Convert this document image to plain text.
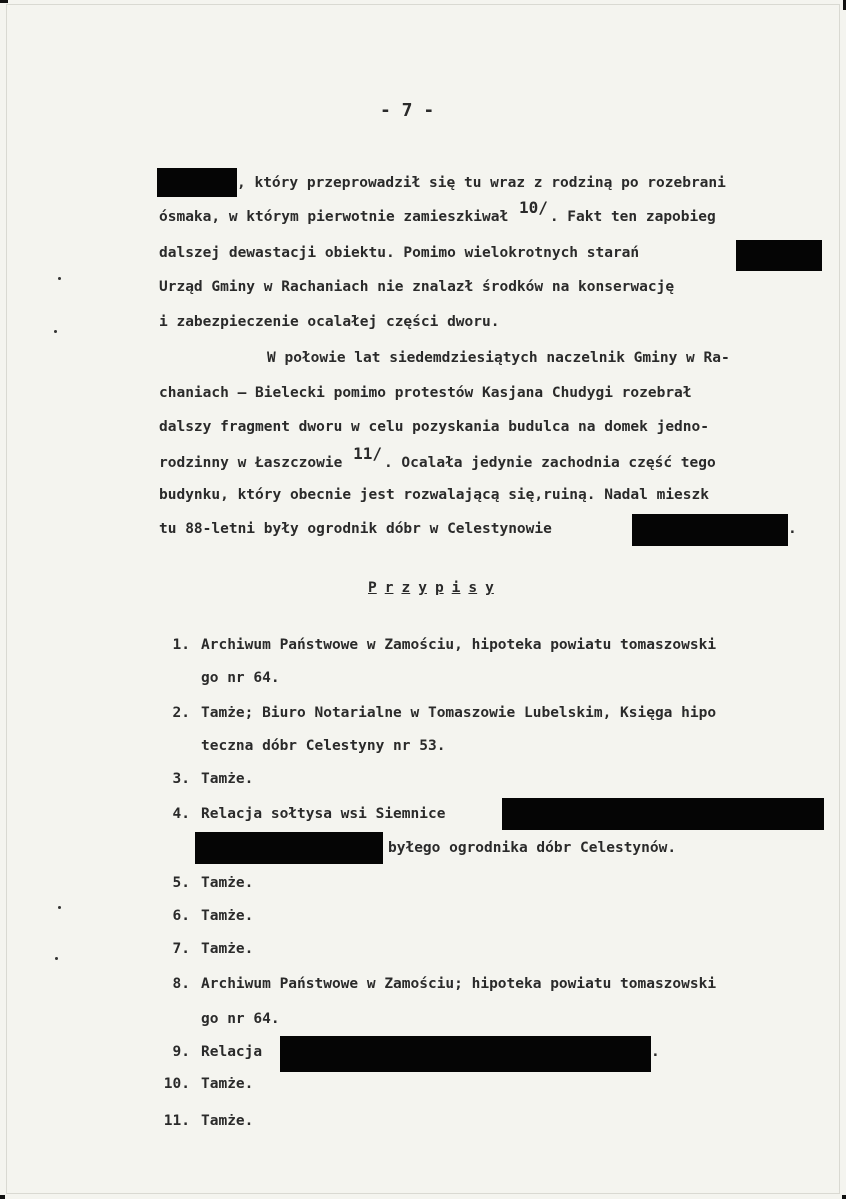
- 7 -
, który przeprowadził się tu wraz z rodziną po rozebrani
ósmaka, w którym pierwotnie zamieszkiwał 10/ . Fakt ten zapobieg
dalszej dewastacji obiektu. Pomimo wielokrotnych starań
Urząd Gminy w Rachaniach nie znalazł środków na konserwację
i zabezpieczenie ocalałej części dworu.
W połowie lat siedemdziesiątych naczelnik Gminy w Ra-
chaniach – Bielecki pomimo protestów Kasjana Chudygi rozebrał
dalszy fragment dworu w celu pozyskania budulca na domek jedno-
rodzinny w Łaszczowie 11/ . Ocalała jedynie zachodnia część tego
budynku, który obecnie jest rozwalającą się,ruiną. Nadal mieszk
tu 88-letni były ogrodnik dóbr w Celestynowie	.
P r z y p i s y
1. Archiwum Państwowe w Zamościu, hipoteka powiatu tomaszowski
go nr 64.
2. Tamże; Biuro Notarialne w Tomaszowie Lubelskim, Księga hipo
teczna dóbr Celestyny nr 53.
3. Tamże.
4. Relacja sołtysa wsi Siemnice
byłego ogrodnika dóbr Celestynów.
5. Tamże.
6. Tamże.
7. Tamże.
8. Archiwum Państwowe w Zamościu; hipoteka powiatu tomaszowski
go nr 64.
9. Relacja	.
10. Tamże.
11. Tamże.
